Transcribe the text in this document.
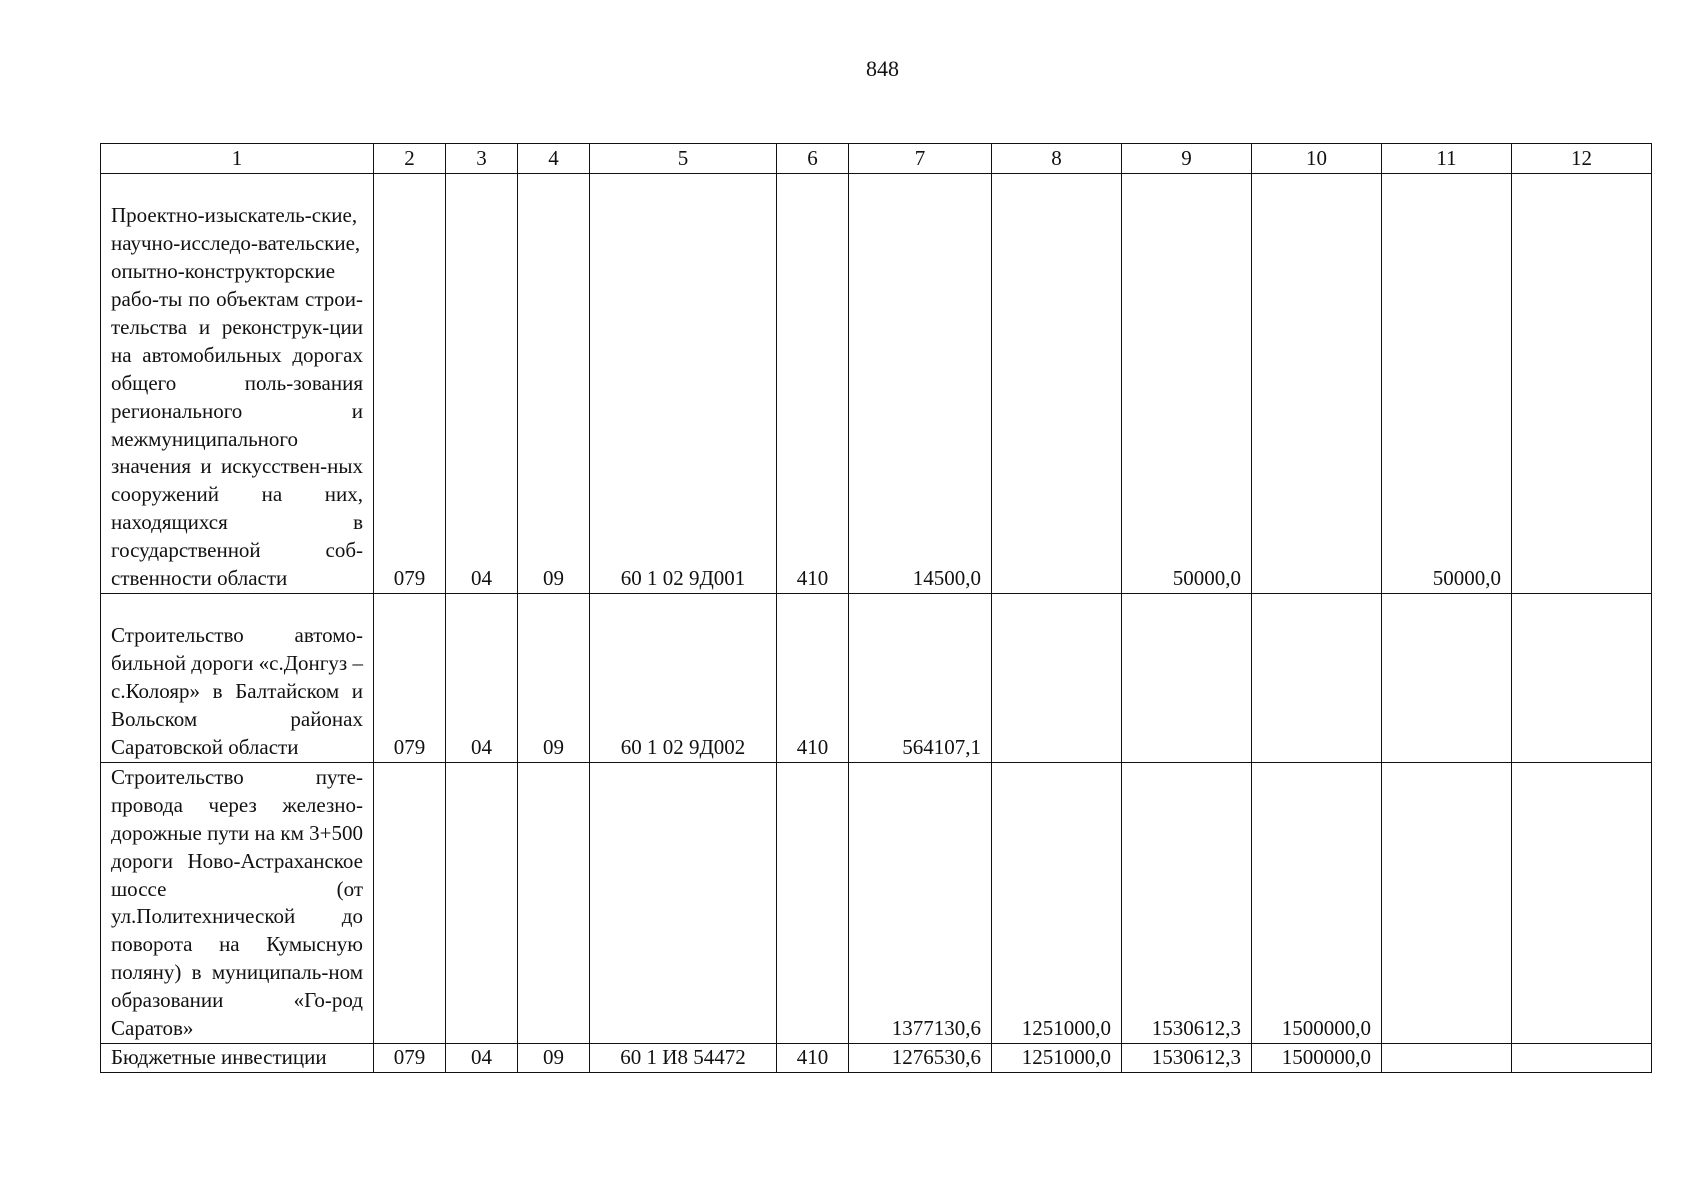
848
1	2	3	4	5	6	7	8	9	10	11	12

Проектно-изыскатель-ские, научно-исследо-вательские, опытно-конструкторские рабо-ты по объектам строи-тельства и реконструк-ции на автомобильных дорогах общего поль-зования регионального и межмуниципального значения и искусствен-ных сооружений на них, находящихся в государственной соб-ственности области	079	04	09	60 1 02 9Д001	410	14500,0		50000,0		50000,0	

Строительство автомо-бильной дороги «с.Донгуз – с.Колояр» в Балтайском и Вольском районах Саратовской области	079	04	09	60 1 02 9Д002	410	564107,1					

Строительство путе-провода через железно-дорожные пути на км 3+500 дороги Ново-Астраханское шоссе (от ул.Политехнической до поворота на Кумысную поляну) в муниципаль-ном образовании «Го-род Саратов»						1377130,6	1251000,0	1530612,3	1500000,0		

Бюджетные инвестиции	079	04	09	60 1 И8 54472	410	1276530,6	1251000,0	1530612,3	1500000,0		
